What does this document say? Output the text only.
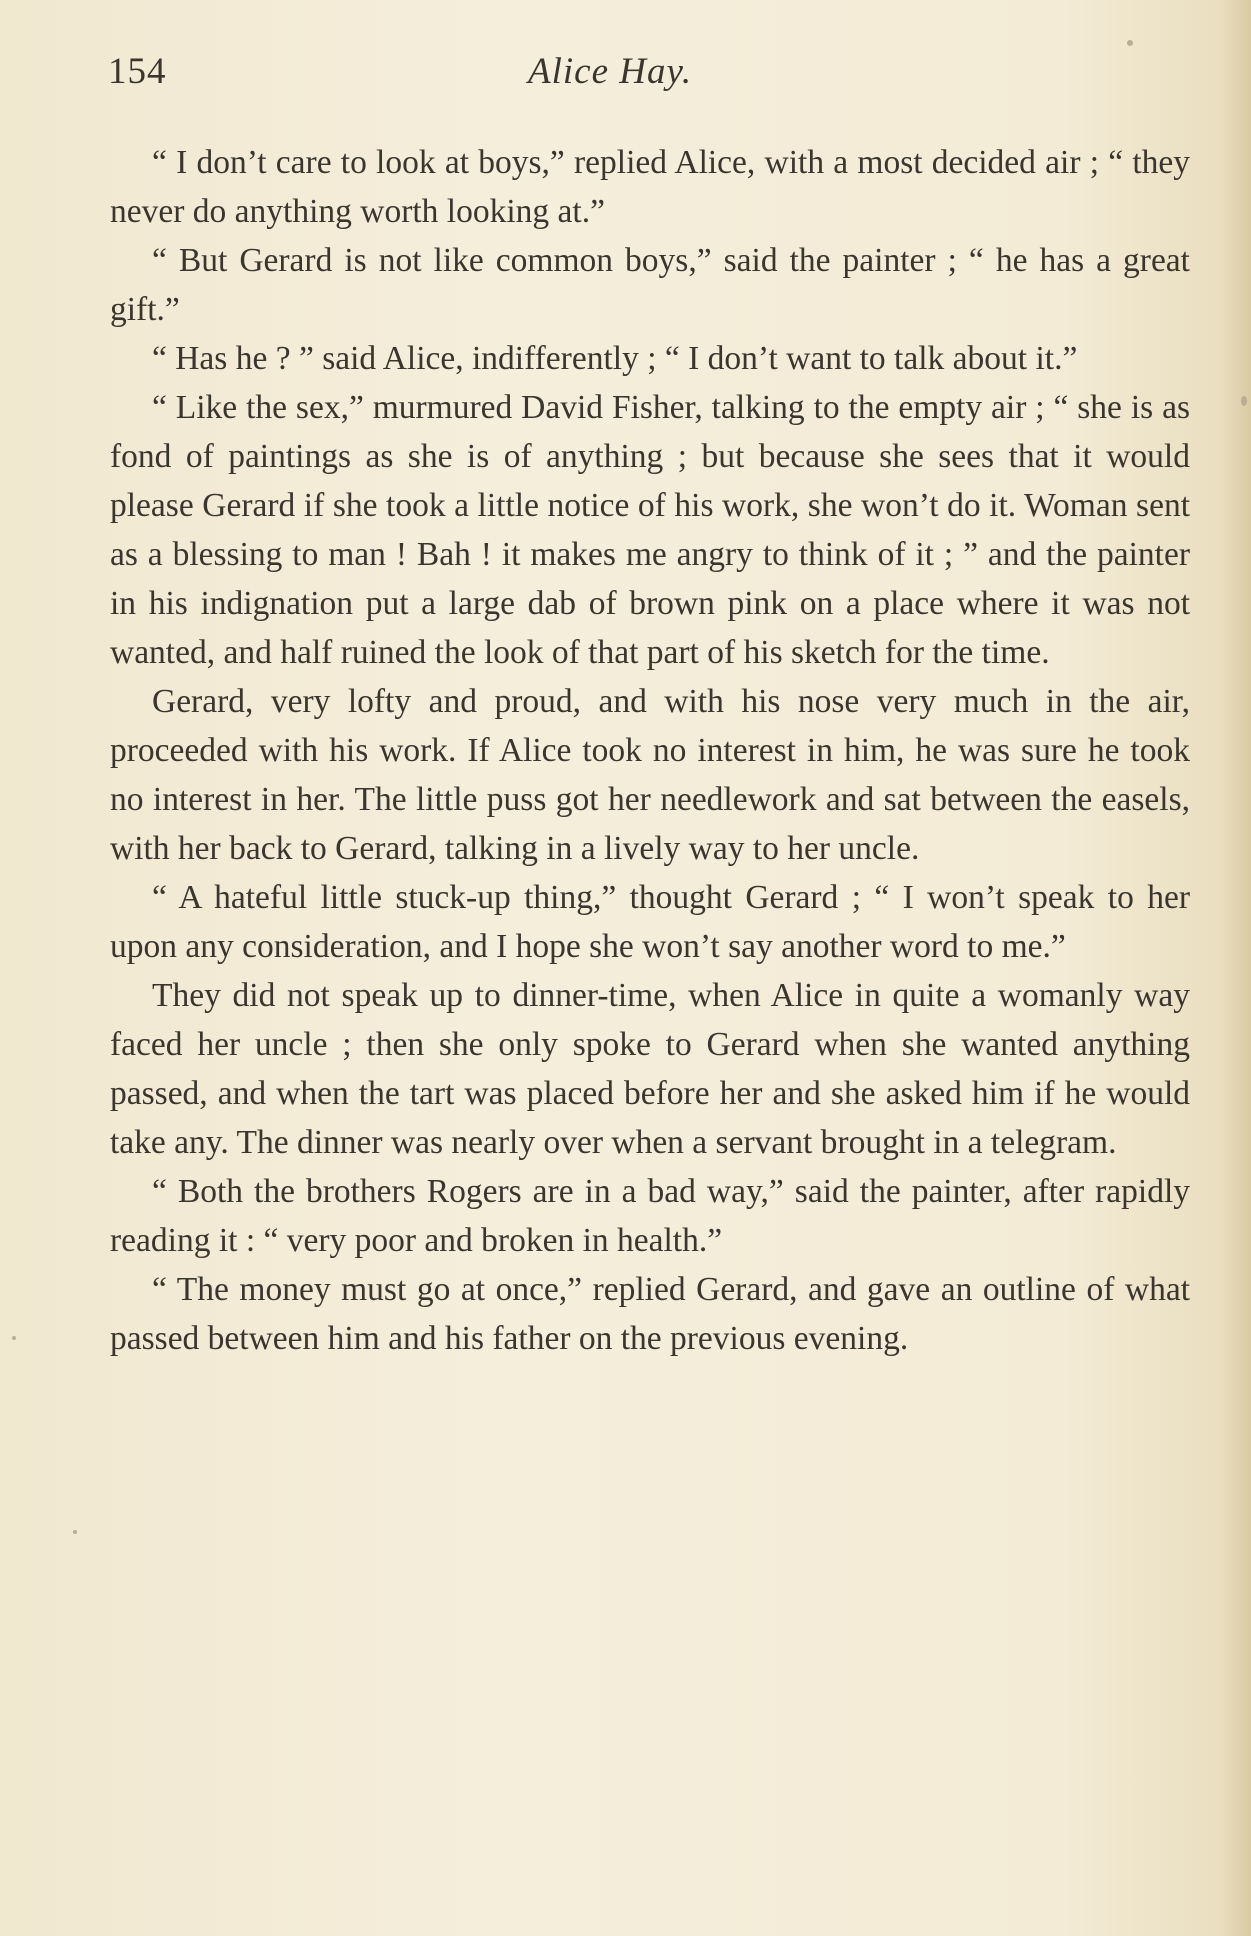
154	Alice Hay.

“ I don’t care to look at boys,” replied Alice, with a most decided air ; “ they never do anything worth looking at.”

“ But Gerard is not like common boys,” said the painter ; “ he has a great gift.”

“ Has he ? ” said Alice, indifferently ; “ I don’t want to talk about it.”

“ Like the sex,” murmured David Fisher, talking to the empty air ; “ she is as fond of paintings as she is of anything ; but because she sees that it would please Gerard if she took a little notice of his work, she won’t do it. Woman sent as a blessing to man ! Bah ! it makes me angry to think of it ; ” and the painter in his indignation put a large dab of brown pink on a place where it was not wanted, and half ruined the look of that part of his sketch for the time.

Gerard, very lofty and proud, and with his nose very much in the air, proceeded with his work. If Alice took no interest in him, he was sure he took no interest in her. The little puss got her needlework and sat between the easels, with her back to Gerard, talking in a lively way to her uncle.

“ A hateful little stuck-up thing,” thought Gerard ; “ I won’t speak to her upon any consideration, and I hope she won’t say another word to me.”

They did not speak up to dinner-time, when Alice in quite a womanly way faced her uncle ; then she only spoke to Gerard when she wanted anything passed, and when the tart was placed before her and she asked him if he would take any. The dinner was nearly over when a servant brought in a telegram.

“ Both the brothers Rogers are in a bad way,” said the painter, after rapidly reading it : “ very poor and broken in health.”

“ The money must go at once,” replied Gerard, and gave an outline of what passed between him and his father on the previous evening.
